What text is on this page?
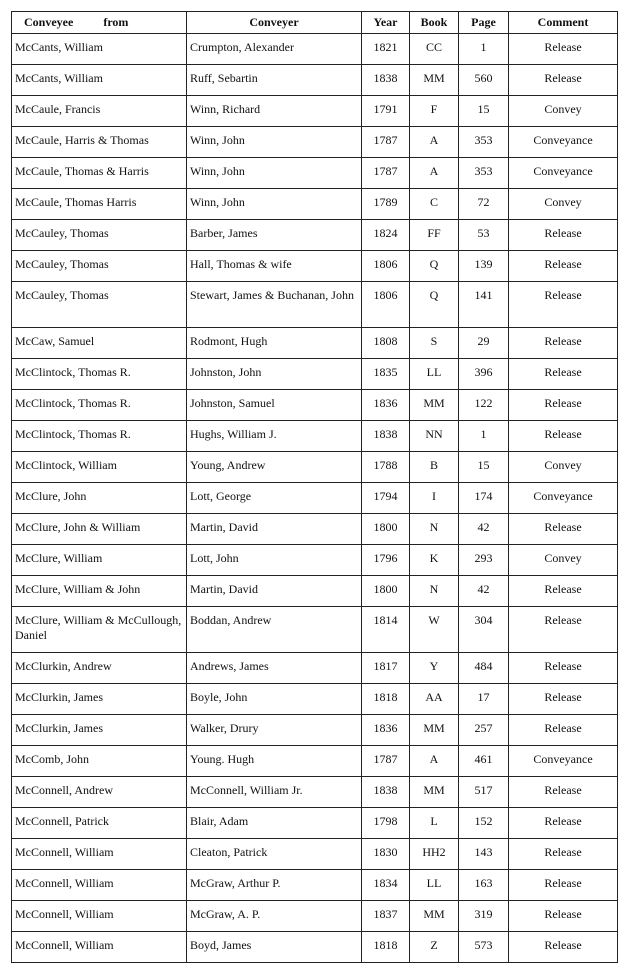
Conveyee          from	Conveyer	Year	Book	Page	Comment
McCants, William	Crumpton, Alexander	1821	CC	1	Release
McCants, William	Ruff, Sebartin	1838	MM	560	Release
McCaule, Francis	Winn, Richard	1791	F	15	Convey
McCaule, Harris & Thomas	Winn, John	1787	A	353	Conveyance
McCaule, Thomas & Harris	Winn, John	1787	A	353	Conveyance
McCaule, Thomas Harris	Winn, John	1789	C	72	Convey
McCauley, Thomas	Barber, James	1824	FF	53	Release
McCauley, Thomas	Hall, Thomas & wife	1806	Q	139	Release
McCauley, Thomas	Stewart, James & Buchanan, John	1806	Q	141	Release
McCaw, Samuel	Rodmont, Hugh	1808	S	29	Release
McClintock, Thomas R.	Johnston, John	1835	LL	396	Release
McClintock, Thomas R.	Johnston, Samuel	1836	MM	122	Release
McClintock, Thomas R.	Hughs, William J.	1838	NN	1	Release
McClintock, William	Young, Andrew	1788	B	15	Convey
McClure, John	Lott, George	1794	I	174	Conveyance
McClure, John & William	Martin, David	1800	N	42	Release
McClure, William	Lott, John	1796	K	293	Convey
McClure, William & John	Martin, David	1800	N	42	Release
McClure, William & McCullough, Daniel	Boddan, Andrew	1814	W	304	Release
McClurkin, Andrew	Andrews, James	1817	Y	484	Release
McClurkin, James	Boyle, John	1818	AA	17	Release
McClurkin, James	Walker, Drury	1836	MM	257	Release
McComb, John	Young. Hugh	1787	A	461	Conveyance
McConnell, Andrew	McConnell, William Jr.	1838	MM	517	Release
McConnell, Patrick	Blair, Adam	1798	L	152	Release
McConnell, William	Cleaton, Patrick	1830	HH2	143	Release
McConnell, William	McGraw, Arthur P.	1834	LL	163	Release
McConnell, William	McGraw, A. P.	1837	MM	319	Release
McConnell, William	Boyd, James	1818	Z	573	Release
